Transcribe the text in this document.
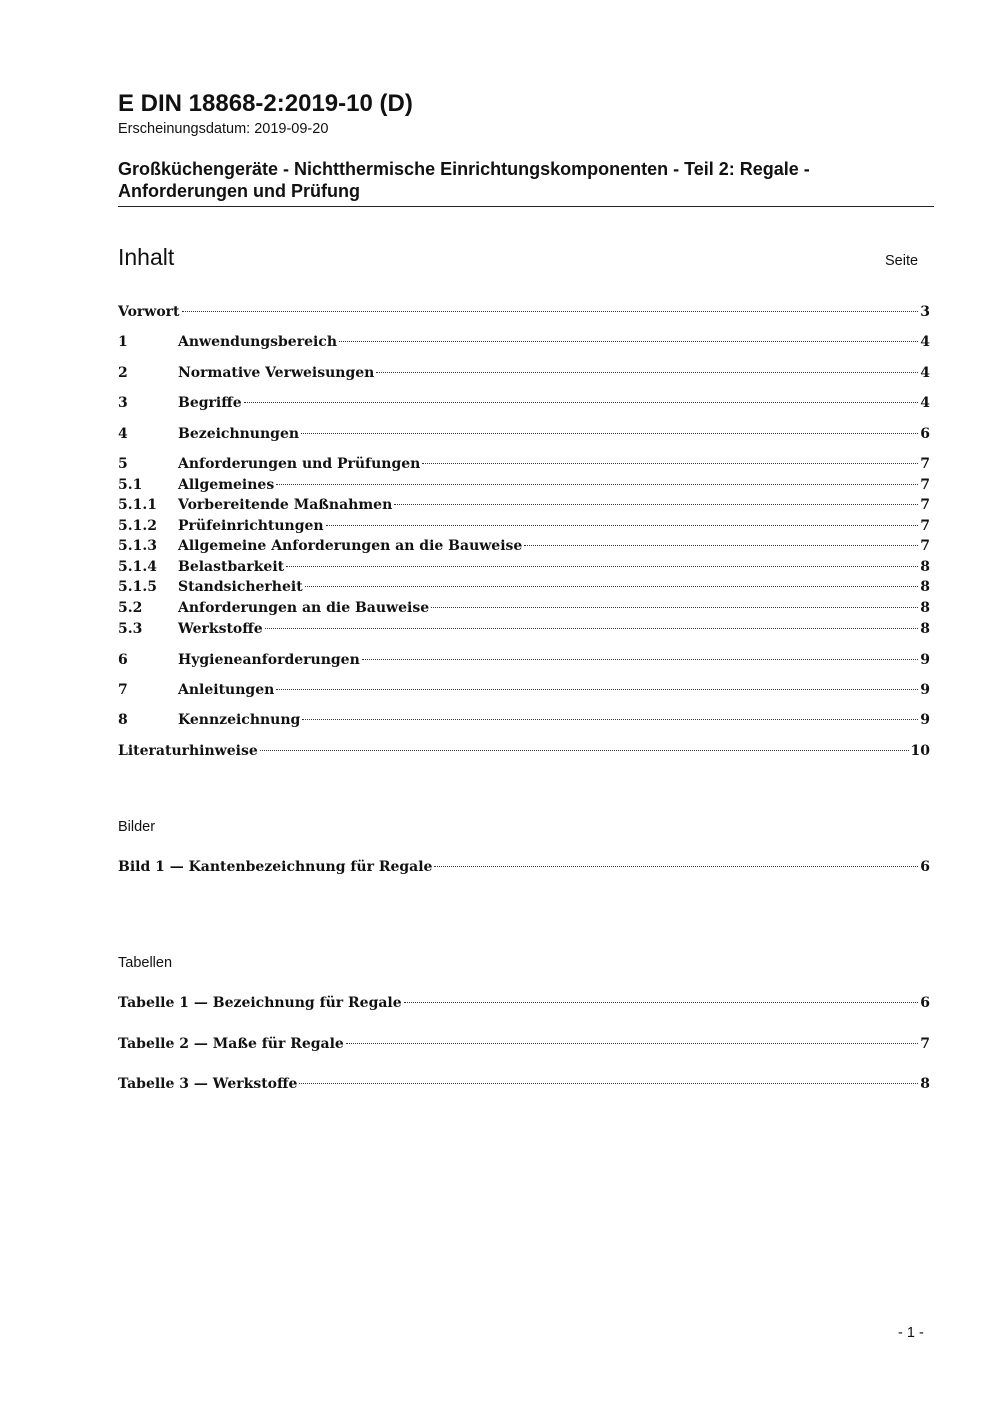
E DIN 18868-2:2019-10 (D)

Erscheinungsdatum: 2019-09-20

Großküchengeräte - Nichtthermische Einrichtungskomponenten - Teil 2: Regale - Anforderungen und Prüfung
Inhalt	Seite
Vorwort	3
1	Anwendungsbereich	4
2	Normative Verweisungen	4
3	Begriffe	4
4	Bezeichnungen	6
5	Anforderungen und Prüfungen	7
5.1	Allgemeines	7
5.1.1	Vorbereitende Maßnahmen	7
5.1.2	Prüfeinrichtungen	7
5.1.3	Allgemeine Anforderungen an die Bauweise	7
5.1.4	Belastbarkeit	8
5.1.5	Standsicherheit	8
5.2	Anforderungen an die Bauweise	8
5.3	Werkstoffe	8
6	Hygieneanforderungen	9
7	Anleitungen	9
8	Kennzeichnung	9
Literaturhinweise	10
Bilder
Bild 1 — Kantenbezeichnung für Regale	6
Tabellen
Tabelle 1 — Bezeichnung für Regale	6
Tabelle 2 — Maße für Regale	7
Tabelle 3 — Werkstoffe	8
- 1 -
